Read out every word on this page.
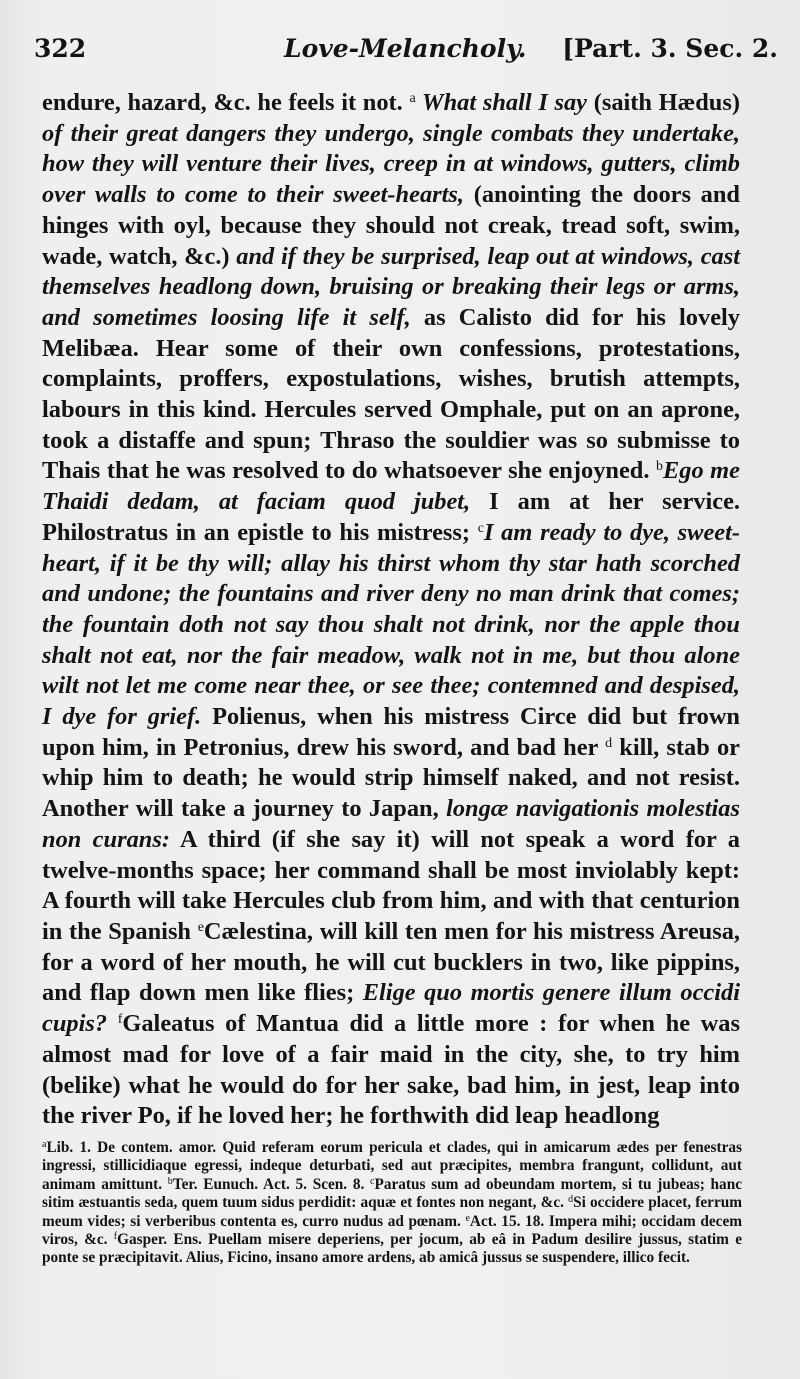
322	Love-Melancholy. [Part. 3. Sec. 2.
endure, hazard, &c. he feels it not. $^a$ What shall I say (saith Hædus) of their great dangers they undergo, single combats they undertake, how they will venture their lives, creep in at windows, gutters, climb over walls to come to their sweet-hearts, (anointing the doors and hinges with oyl, because they should not creak, tread soft, swim, wade, watch, &c.) and if they be surprised, leap out at windows, cast themselves headlong down, bruising or breaking their legs or arms, and sometimes loosing life it self, as Calisto did for his lovely Melibæa. Hear some of their own confessions, protestations, complaints, proffers, expostulations, wishes, brutish attempts, labours in this kind. Hercules served Omphale, put on an aprone, took a distaffe and spun; Thraso the souldier was so submisse to Thais that he was resolved to do whatsoever she enjoyned. $^b$Ego me Thaidi dedam, at faciam quod jubet, I am at her service. Philostratus in an epistle to his mistress; $^c$I am ready to dye, sweet-heart, if it be thy will; allay his thirst whom thy star hath scorched and undone; the fountains and river deny no man drink that comes; the fountain doth not say thou shalt not drink, nor the apple thou shalt not eat, nor the fair meadow, walk not in me, but thou alone wilt not let me come near thee, or see thee; contemned and despised, I dye for grief. Polienus, when his mistress Circe did but frown upon him, in Petronius, drew his sword, and bad her $^d$ kill, stab or whip him to death; he would strip himself naked, and not resist. Another will take a journey to Japan, longæ navigationis molestias non curans: A third (if she say it) will not speak a word for a twelve-months space; her command shall be most inviolably kept: A fourth will take Hercules club from him, and with that centurion in the Spanish $^e$Cælestina, will kill ten men for his mistress Areusa, for a word of her mouth, he will cut bucklers in two, like pippins, and flap down men like flies; Elige quo mortis genere illum occidi cupis? $^f$Galeatus of Mantua did a little more : for when he was almost mad for love of a fair maid in the city, she, to try him (belike) what he would do for her sake, bad him, in jest, leap into the river Po, if he loved her; he forthwith did leap headlong
$^a$Lib. 1. De contem. amor. Quid referam eorum pericula et clades, qui in amicarum ædes per fenestras ingressi, stillicidiaque egressi, indeque deturbati, sed aut præcipites, membra frangunt, collidunt, aut animam amittunt. $^b$Ter. Eunuch. Act. 5. Scen. 8. $^c$Paratus sum ad obeundam mortem, si tu jubeas; hanc sitim æstuantis seda, quem tuum sidus perdidit: aquæ et fontes non negant, &c. $^d$Si occidere placet, ferrum meum vides; si verberibus contenta es, curro nudus ad pœnam. $^e$Act. 15. 18. Impera mihi; occidam decem viros, &c. $^f$Gasper. Ens. Puellam misere deperiens, per jocum, ab eâ in Padum desilire jussus, statim e ponte se præcipitavit. Alius, Ficino, insano amore ardens, ab amicâ jussus se suspendere, illico fecit.
